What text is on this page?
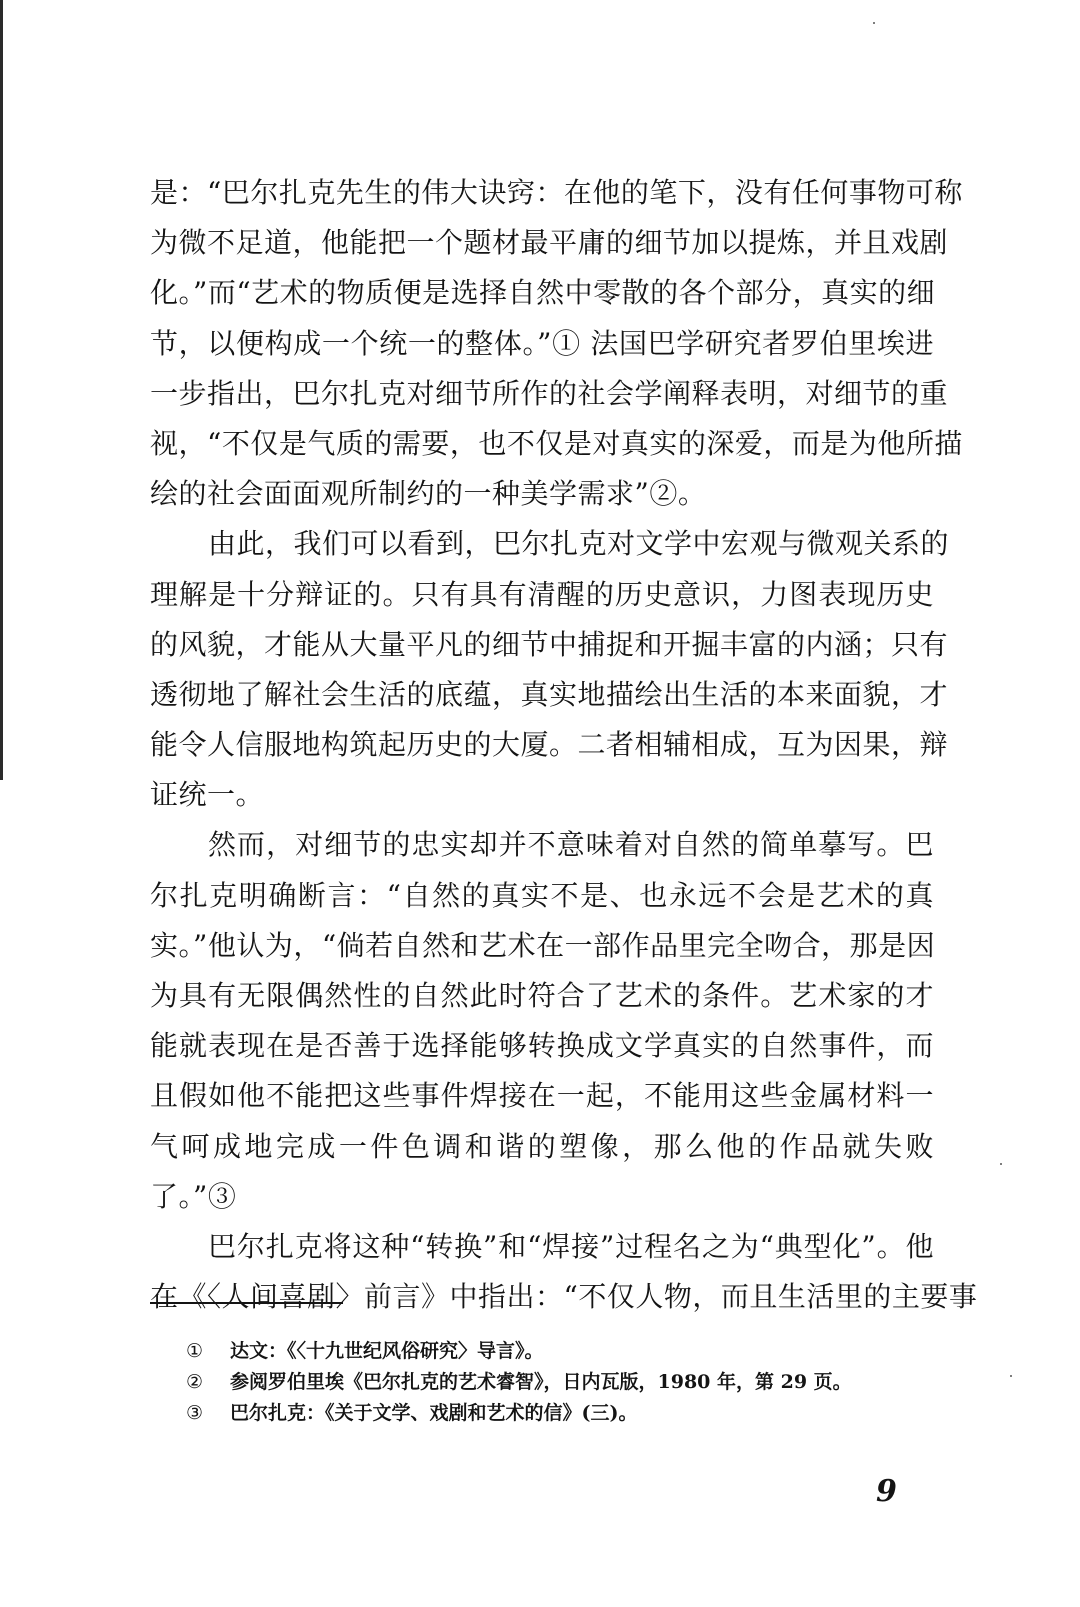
是：“巴尔扎克先生的伟大诀窍：在他的笔下，没有任何事物可称
为微不足道，他能把一个题材最平庸的细节加以提炼，并且戏剧
化。”而“艺术的物质便是选择自然中零散的各个部分，真实的细
节，以便构成一个统一的整体。”① 法国巴学研究者罗伯里埃进
一步指出，巴尔扎克对细节所作的社会学阐释表明，对细节的重
视，“不仅是气质的需要，也不仅是对真实的深爱，而是为他所描
绘的社会面面观所制约的一种美学需求”②。
由此，我们可以看到，巴尔扎克对文学中宏观与微观关系的
理解是十分辩证的。只有具有清醒的历史意识，力图表现历史
的风貌，才能从大量平凡的细节中捕捉和开掘丰富的内涵；只有
透彻地了解社会生活的底蕴，真实地描绘出生活的本来面貌，才
能令人信服地构筑起历史的大厦。二者相辅相成，互为因果，辩
证统一。
然而，对细节的忠实却并不意味着对自然的简单摹写。巴
尔扎克明确断言：“自然的真实不是、也永远不会是艺术的真
实。”他认为，“倘若自然和艺术在一部作品里完全吻合，那是因
为具有无限偶然性的自然此时符合了艺术的条件。艺术家的才
能就表现在是否善于选择能够转换成文学真实的自然事件，而
且假如他不能把这些事件焊接在一起，不能用这些金属材料一
气呵成地完成一件色调和谐的塑像，那么他的作品就失败
了。”③
巴尔扎克将这种“转换”和“焊接”过程名之为“典型化”。他
在《〈人间喜剧〉前言》中指出：“不仅人物，而且生活里的主要事
① 达文：《〈十九世纪风俗研究〉导言》。
② 参阅罗伯里埃《巴尔扎克的艺术睿智》，日内瓦版，1980 年，第 29 页。
③ 巴尔扎克：《关于文学、戏剧和艺术的信》(三)。
9
